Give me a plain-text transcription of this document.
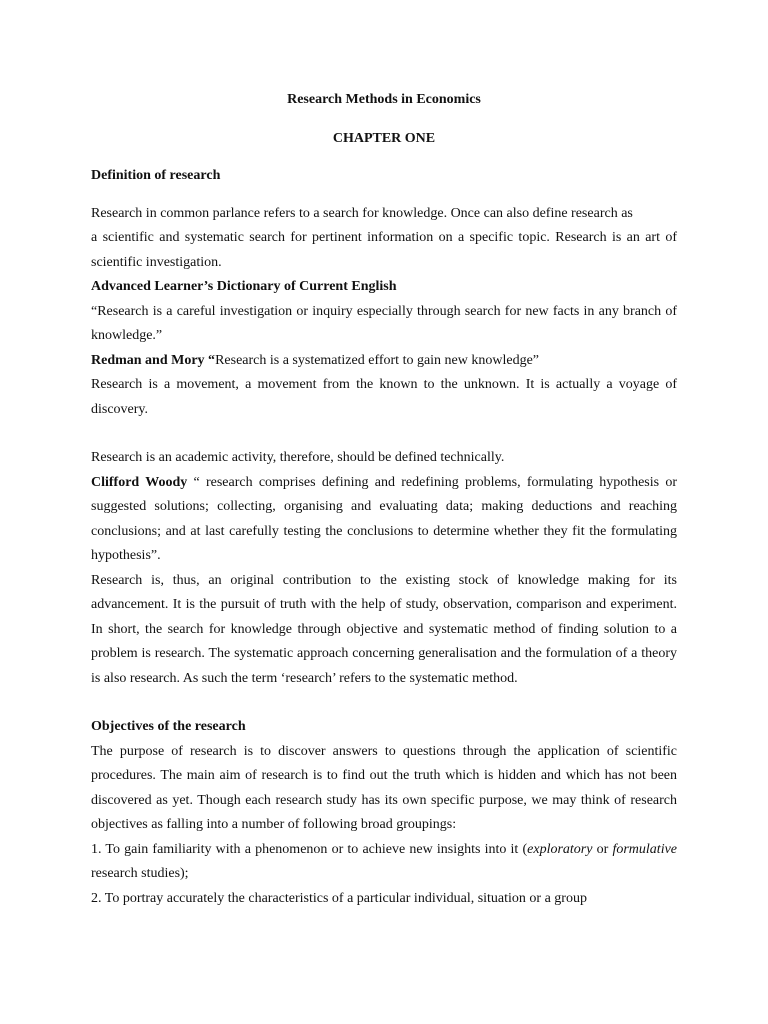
Research Methods in Economics

CHAPTER ONE

Definition of research

Research in common parlance refers to a search for knowledge. Once can also define research as

a scientific and systematic search for pertinent information on a specific topic. Research is an art of scientific investigation.

Advanced Learner’s Dictionary of Current English

“Research is a careful investigation or inquiry especially through search for new facts in any branch of knowledge.”

Redman and Mory “Research is a systematized effort to gain new knowledge”

Research is a movement, a movement from the known to the unknown. It is actually a voyage of discovery.

Research is an academic activity, therefore, should be defined technically.

Clifford Woody “ research comprises defining and redefining problems, formulating hypothesis or suggested solutions; collecting, organising and evaluating data; making deductions and reaching conclusions; and at last carefully testing the conclusions to determine whether they fit the formulating hypothesis”.

Research is, thus, an original contribution to the existing stock of knowledge making for its advancement. It is the pursuit of truth with the help of study, observation, comparison and experiment. In short, the search for knowledge through objective and systematic method of finding solution to a problem is research. The systematic approach concerning generalisation and the formulation of a theory is also research. As such the term ‘research’ refers to the systematic method.

Objectives of the research

The purpose of research is to discover answers to questions through the application of scientific procedures. The main aim of research is to find out the truth which is hidden and which has not been discovered as yet. Though each research study has its own specific purpose, we may think of research objectives as falling into a number of following broad groupings:

1. To gain familiarity with a phenomenon or to achieve new insights into it (exploratory or formulative research studies);

2. To portray accurately the characteristics of a particular individual, situation or a group
